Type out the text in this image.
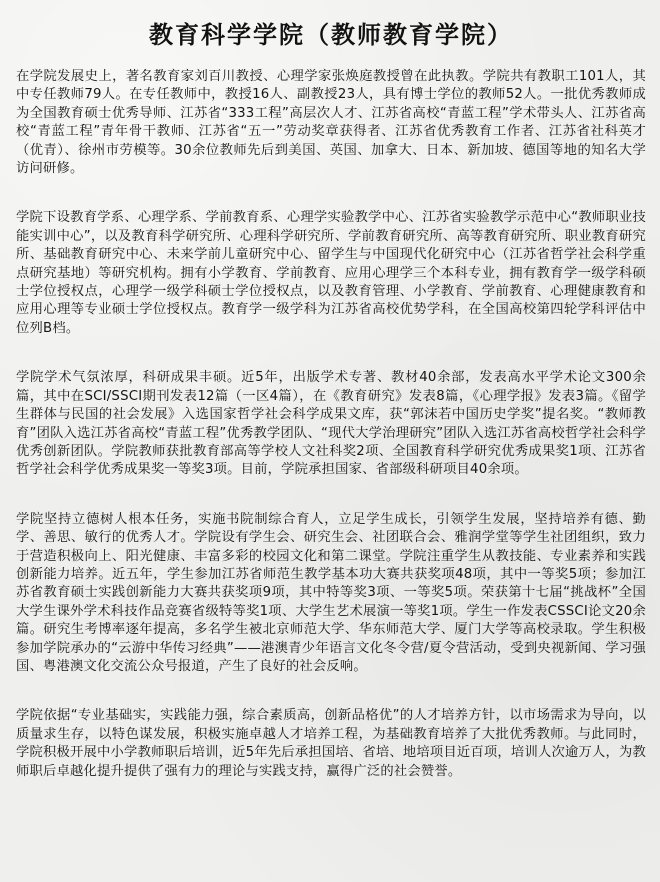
教育科学学院（教师教育学院）

在学院发展史上，著名教育家刘百川教授、心理学家张焕庭教授曾在此执教。学院共有教职工101人，其中专任教师79人。在专任教师中，教授16人、副教授23人，具有博士学位的教师52人。一批优秀教师成为全国教育硕士优秀导师、江苏省“333工程”高层次人才、江苏省高校“青蓝工程”学术带头人、江苏省高校“青蓝工程”青年骨干教师、江苏省“五一”劳动奖章获得者、江苏省优秀教育工作者、江苏省社科英才（优青）、徐州市劳模等。30余位教师先后到美国、英国、加拿大、日本、新加坡、德国等地的知名大学访问研修。

学院下设教育学系、心理学系、学前教育系、心理学实验教学中心、江苏省实验教学示范中心“教师职业技能实训中心”，以及教育科学研究所、心理科学研究所、学前教育研究所、高等教育研究所、职业教育研究所、基础教育研究中心、未来学前儿童研究中心、留学生与中国现代化研究中心（江苏省哲学社会科学重点研究基地）等研究机构。拥有小学教育、学前教育、应用心理学三个本科专业，拥有教育学一级学科硕士学位授权点，心理学一级学科硕士学位授权点，以及教育管理、小学教育、学前教育、心理健康教育和应用心理等专业硕士学位授权点。教育学一级学科为江苏省高校优势学科，在全国高校第四轮学科评估中位列B档。

学院学术气氛浓厚，科研成果丰硕。近5年，出版学术专著、教材40余部，发表高水平学术论文300余篇，其中在SCI/SSCI期刊发表12篇（一区4篇），在《教育研究》发表8篇，《心理学报》发表3篇。《留学生群体与民国的社会发展》入选国家哲学社会科学成果文库，获“郭沫若中国历史学奖”提名奖。“教师教育”团队入选江苏省高校“青蓝工程”优秀教学团队、“现代大学治理研究”团队入选江苏省高校哲学社会科学优秀创新团队。学院教师获批教育部高等学校人文社科奖2项、全国教育科学研究优秀成果奖1项、江苏省哲学社会科学优秀成果奖一等奖3项。目前，学院承担国家、省部级科研项目40余项。

学院坚持立德树人根本任务，实施书院制综合育人，立足学生成长，引领学生发展，坚持培养有德、勤学、善思、敏行的优秀人才。学院设有学生会、研究生会、社团联合会、雅润学堂等学生社团组织，致力于营造积极向上、阳光健康、丰富多彩的校园文化和第二课堂。学院注重学生从教技能、专业素养和实践创新能力培养。近五年，学生参加江苏省师范生教学基本功大赛共获奖项48项，其中一等奖5项；参加江苏省教育硕士实践创新能力大赛共获奖项9项，其中特等奖3项、一等奖5项。荣获第十七届“挑战杯”全国大学生课外学术科技作品竞赛省级特等奖1项、大学生艺术展演一等奖1项。学生一作发表CSSCI论文20余篇。研究生考博率逐年提高，多名学生被北京师范大学、华东师范大学、厦门大学等高校录取。学生积极参加学院承办的“云游中华传习经典”——港澳青少年语言文化冬令营/夏令营活动，受到央视新闻、学习强国、粤港澳文化交流公众号报道，产生了良好的社会反响。

学院依据“专业基础实，实践能力强，综合素质高，创新品格优”的人才培养方针，以市场需求为导向，以质量求生存，以特色谋发展，积极实施卓越人才培养工程，为基础教育培养了大批优秀教师。与此同时，学院积极开展中小学教师职后培训，近5年先后承担国培、省培、地培项目近百项，培训人次逾万人，为教师职后卓越化提升提供了强有力的理论与实践支持，赢得广泛的社会赞誉。
